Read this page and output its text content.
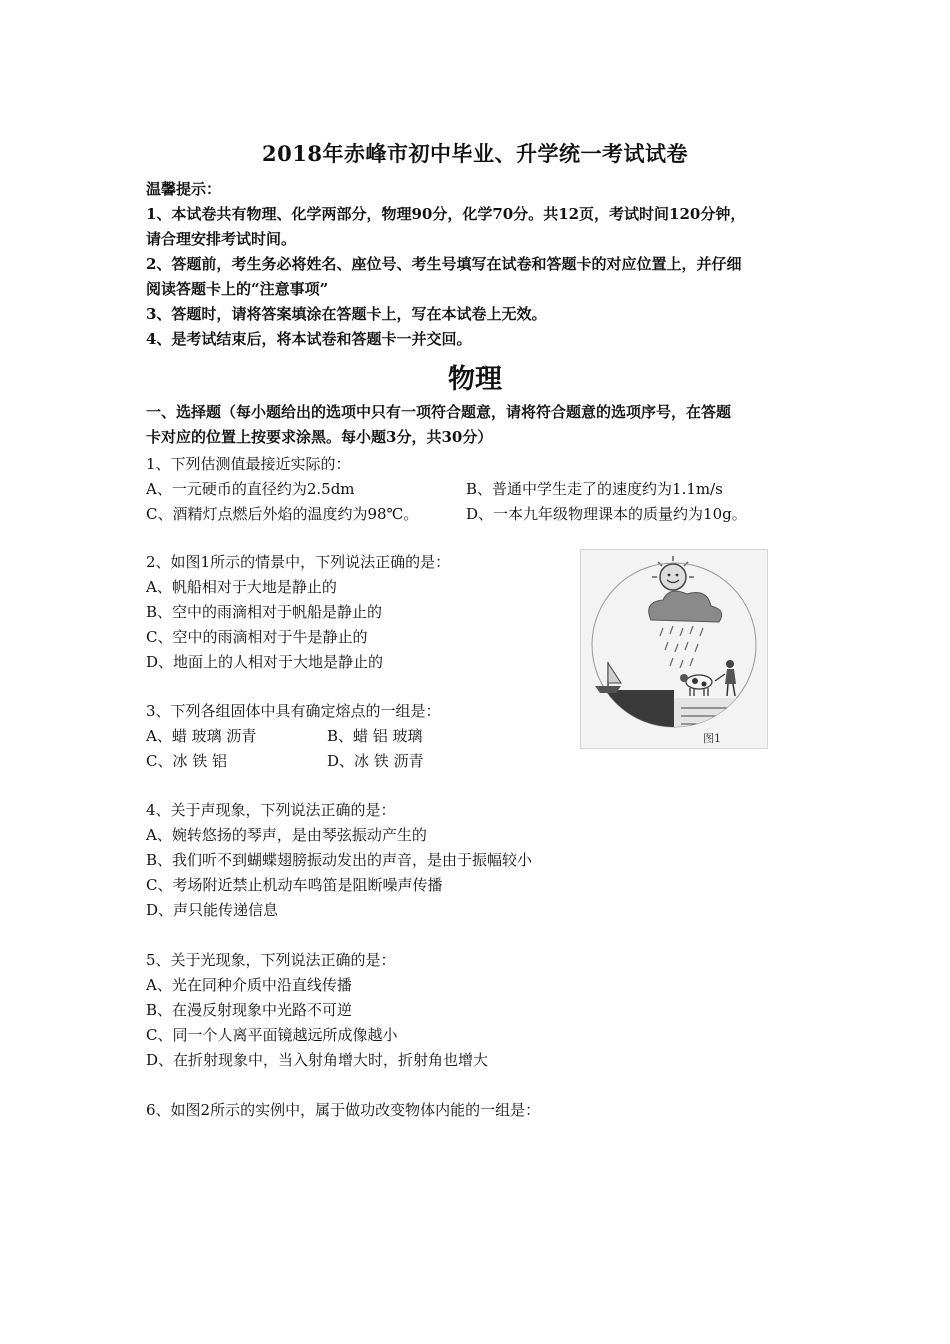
2018年赤峰市初中毕业、升学统一考试试卷
温馨提示：
1、本试卷共有物理、化学两部分，物理90分，化学70分。共12页，考试时间120分钟，
请合理安排考试时间。
2、答题前，考生务必将姓名、座位号、考生号填写在试卷和答题卡的对应位置上，并仔细
阅读答题卡上的“注意事项”
3、答题时，请将答案填涂在答题卡上，写在本试卷上无效。
4、是考试结束后，将本试卷和答题卡一并交回。
物理
一、选择题（每小题给出的选项中只有一项符合题意，请将符合题意的选项序号，在答题
卡对应的位置上按要求涂黑。每小题3分，共30分）
1、下列估测值最接近实际的：
A、一元硬币的直径约为2.5dm	B、普通中学生走了的速度约为1.1m/s
C、酒精灯点燃后外焰的温度约为98℃。	D、一本九年级物理课本的质量约为10g。
2、如图1所示的情景中，下列说法正确的是：
A、帆船相对于大地是静止的
B、空中的雨滴相对于帆船是静止的
C、空中的雨滴相对于牛是静止的
D、地面上的人相对于大地是静止的
3、下列各组固体中具有确定熔点的一组是：
A、蜡 玻璃 沥青	B、蜡 铝 玻璃
C、冰 铁 铝	D、冰 铁 沥青
4、关于声现象，下列说法正确的是：
A、婉转悠扬的琴声，是由琴弦振动产生的
B、我们听不到蝴蝶翅膀振动发出的声音，是由于振幅较小
C、考场附近禁止机动车鸣笛是阻断噪声传播
D、声只能传递信息
5、关于光现象，下列说法正确的是：
A、光在同种介质中沿直线传播
B、在漫反射现象中光路不可逆
C、同一个人离平面镜越远所成像越小
D、在折射现象中，当入射角增大时，折射角也增大
6、如图2所示的实例中，属于做功改变物体内能的一组是：
图1
